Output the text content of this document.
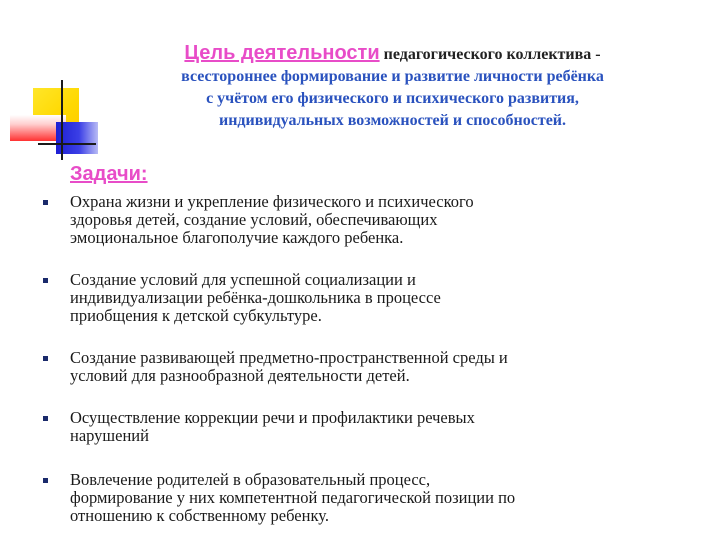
Цель деятельности педагогического коллектива -
всестороннее формирование и развитие личности ребёнка
с учётом его физического и психического развития,
индивидуальных возможностей и способностей.
Задачи:
Охрана жизни и укрепление физического и психического
здоровья детей, создание условий, обеспечивающих
эмоциональное благополучие каждого ребенка.
Создание условий для успешной социализации и
индивидуализации ребёнка-дошкольника в процессе
приобщения к детской субкультуре.
Создание развивающей предметно-пространственной среды и
условий для разнообразной деятельности детей.
Осуществление коррекции речи и профилактики речевых
нарушений
Вовлечение родителей в образовательный процесс,
формирование у них компетентной педагогической позиции по
отношению к собственному ребенку.
